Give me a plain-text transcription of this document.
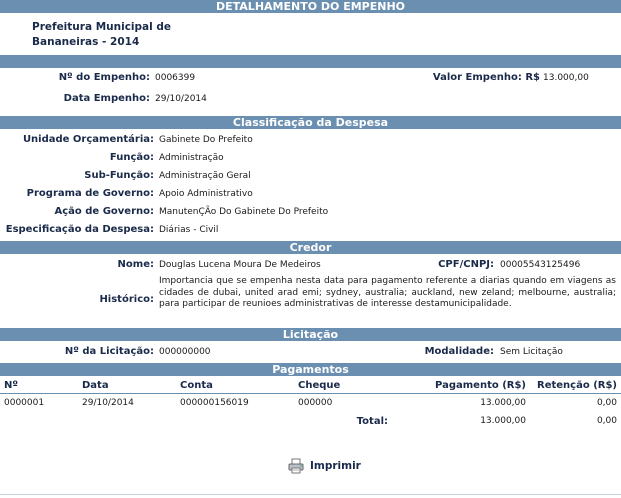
DETALHAMENTO DO EMPENHO
Prefeitura Municipal de
Bananeiras - 2014
Nº do Empenho: 0006399	Valor Empenho: R$ 13.000,00
Data Empenho: 29/10/2014
Classificação da Despesa
Unidade Orçamentária: Gabinete Do Prefeito
Função: Administração
Sub-Função: Administração Geral
Programa de Governo: Apoio Administrativo
Ação de Governo: ManutenÇÃo Do Gabinete Do Prefeito
Especificação da Despesa: Diárias - Civil
Credor
Nome: Douglas Lucena Moura De Medeiros	CPF/CNPJ: 00005543125496
Histórico:
Importancia que se empenha nesta data para pagamento referente a diarias quando em viagens as cidades de dubai, united arad emi; sydney, australia; auckland, new zeland; melbourne, australia; para participar de reunioes administrativas de interesse destamunicipalidade.
Licitação
Nº da Licitação: 000000000	Modalidade: Sem Licitação
Pagamentos
Nº	Data	Conta	Cheque	Pagamento (R$)	Retenção (R$)
0000001	29/10/2014	000000156019	000000	13.000,00	0,00
			Total:	13.000,00	0,00
Imprimir
